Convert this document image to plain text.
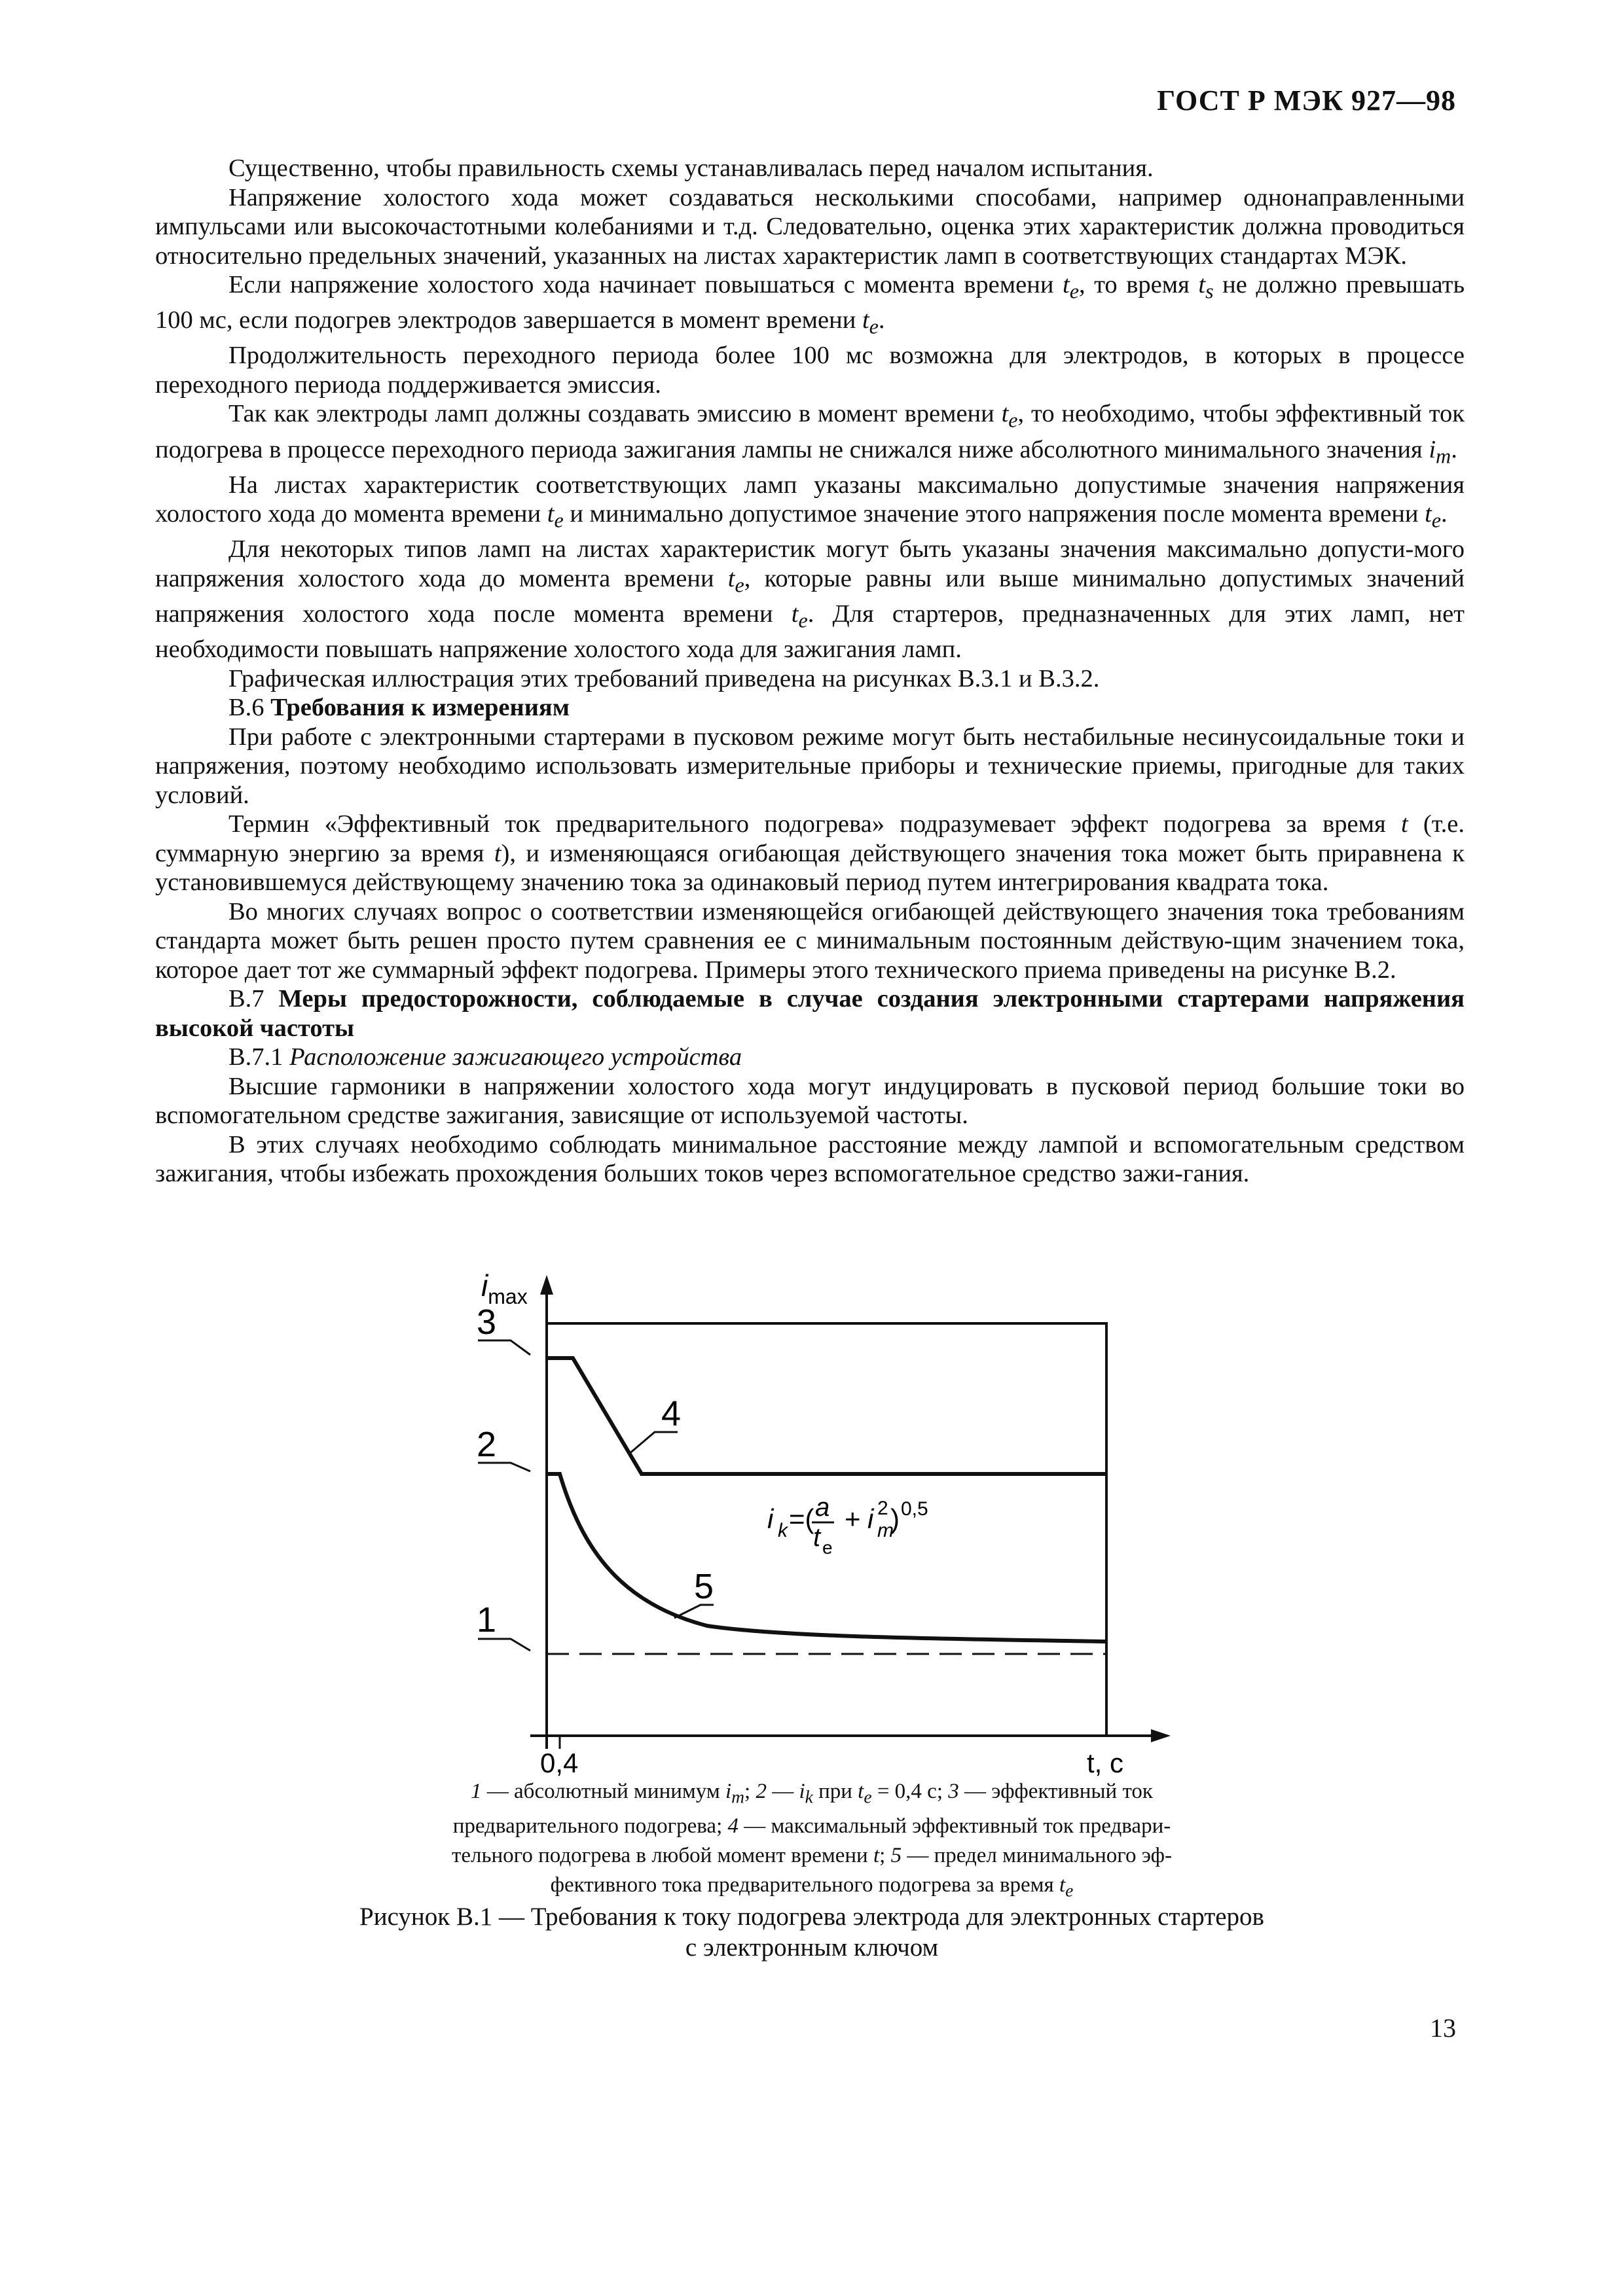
ГОСТ Р МЭК 927—98

Существенно, чтобы правильность схемы устанавливалась перед началом испытания.

Напряжение холостого хода может создаваться несколькими способами, например однонаправленными импульсами или высокочастотными колебаниями и т.д. Следовательно, оценка этих характеристик должна проводиться относительно предельных значений, указанных на листах характеристик ламп в соответствующих стандартах МЭК.

Если напряжение холостого хода начинает повышаться с момента времени $t_e$, то время $t_s$ не должно превышать 100 мс, если подогрев электродов завершается в момент времени $t_e$.

Продолжительность переходного периода более 100 мс возможна для электродов, в которых в процессе переходного периода поддерживается эмиссия.

Так как электроды ламп должны создавать эмиссию в момент времени $t_e$, то необходимо, чтобы эффективный ток подогрева в процессе переходного периода зажигания лампы не снижался ниже абсолютного минимального значения $i_m$.

На листах характеристик соответствующих ламп указаны максимально допустимые значения напряжения холостого хода до момента времени $t_e$ и минимально допустимое значение этого напряжения после момента времени $t_e$.

Для некоторых типов ламп на листах характеристик могут быть указаны значения максимально допусти-мого напряжения холостого хода до момента времени $t_e$, которые равны или выше минимально допустимых значений напряжения холостого хода после момента времени $t_e$. Для стартеров, предназначенных для этих ламп, нет необходимости повышать напряжение холостого хода для зажигания ламп.

Графическая иллюстрация этих требований приведена на рисунках В.3.1 и В.3.2.

В.6 Требования к измерениям

При работе с электронными стартерами в пусковом режиме могут быть нестабильные несинусоидальные токи и напряжения, поэтому необходимо использовать измерительные приборы и технические приемы, пригодные для таких условий.

Термин «Эффективный ток предварительного подогрева» подразумевает эффект подогрева за время t (т.е. суммарную энергию за время t), и изменяющаяся огибающая действующего значения тока может быть приравнена к установившемуся действующему значению тока за одинаковый период путем интегрирования квадрата тока.

Во многих случаях вопрос о соответствии изменяющейся огибающей действующего значения тока требованиям стандарта может быть решен просто путем сравнения ее с минимальным постоянным действую-щим значением тока, которое дает тот же суммарный эффект подогрева. Примеры этого технического приема приведены на рисунке В.2.

В.7 Меры предосторожности, соблюдаемые в случае создания электронными стартерами напряжения высокой частоты

В.7.1 Расположение зажигающего устройства

Высшие гармоники в напряжении холостого хода могут индуцировать в пусковой период большие токи во вспомогательном средстве зажигания, зависящие от используемой частоты.

В этих случаях необходимо соблюдать минимальное расстояние между лампой и вспомогательным средством зажигания, чтобы избежать прохождения больших токов через вспомогательное средство зажи-гания.

$i_{max}$
3
4
2
5
1
i k =( a
t e
+ i 2
m
) 0,5
0,4	t, c
1 — абсолютный минимум $i_m$; 2 — $i_k$ при $t_e = 0,4$ с; 3 — эффективный ток
предварительного подогрева; 4 — максимальный эффективный ток предвари-
тельного подогрева в любой момент времени t; 5 — предел минимального эф-
фективного тока предварительного подогрева за время $t_e$
Рисунок В.1 — Требования к току подогрева электрода для электронных стартеров
с электронным ключом
13
